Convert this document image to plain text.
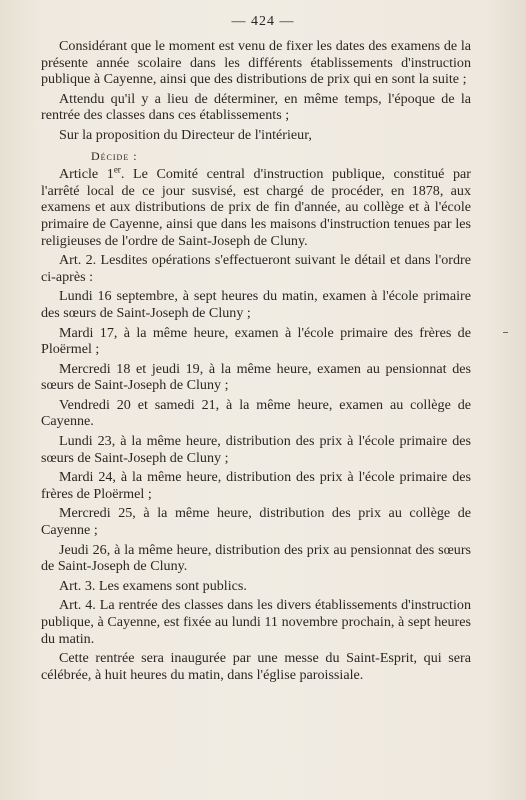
— 424 —

Considérant que le moment est venu de fixer les dates des examens de la présente année scolaire dans les différents établissements d'instruction publique à Cayenne, ainsi que des distributions de prix qui en sont la suite ;

Attendu qu'il y a lieu de déterminer, en même temps, l'époque de la rentrée des classes dans ces établissements ;

Sur la proposition du Directeur de l'intérieur,

Décide :

Article 1er. Le Comité central d'instruction publique, constitué par l'arrêté local de ce jour susvisé, est chargé de procéder, en 1878, aux examens et aux distributions de prix de fin d'année, au collège et à l'école primaire de Cayenne, ainsi que dans les maisons d'instruction tenues par les religieuses de l'ordre de Saint-Joseph de Cluny.

Art. 2. Lesdites opérations s'effectueront suivant le détail et dans l'ordre ci-après :

Lundi 16 septembre, à sept heures du matin, examen à l'école primaire des sœurs de Saint-Joseph de Cluny ;

Mardi 17, à la même heure, examen à l'école primaire des frères de Ploërmel ;

Mercredi 18 et jeudi 19, à la même heure, examen au pensionnat des sœurs de Saint-Joseph de Cluny ;

Vendredi 20 et samedi 21, à la même heure, examen au collège de Cayenne.

Lundi 23, à la même heure, distribution des prix à l'école primaire des sœurs de Saint-Joseph de Cluny ;

Mardi 24, à la même heure, distribution des prix à l'école primaire des frères de Ploërmel ;

Mercredi 25, à la même heure, distribution des prix au collège de Cayenne ;

Jeudi 26, à la même heure, distribution des prix au pensionnat des sœurs de Saint-Joseph de Cluny.

Art. 3. Les examens sont publics.

Art. 4. La rentrée des classes dans les divers établissements d'instruction publique, à Cayenne, est fixée au lundi 11 novembre prochain, à sept heures du matin.

Cette rentrée sera inaugurée par une messe du Saint-Esprit, qui sera célébrée, à huit heures du matin, dans l'église paroissiale.
